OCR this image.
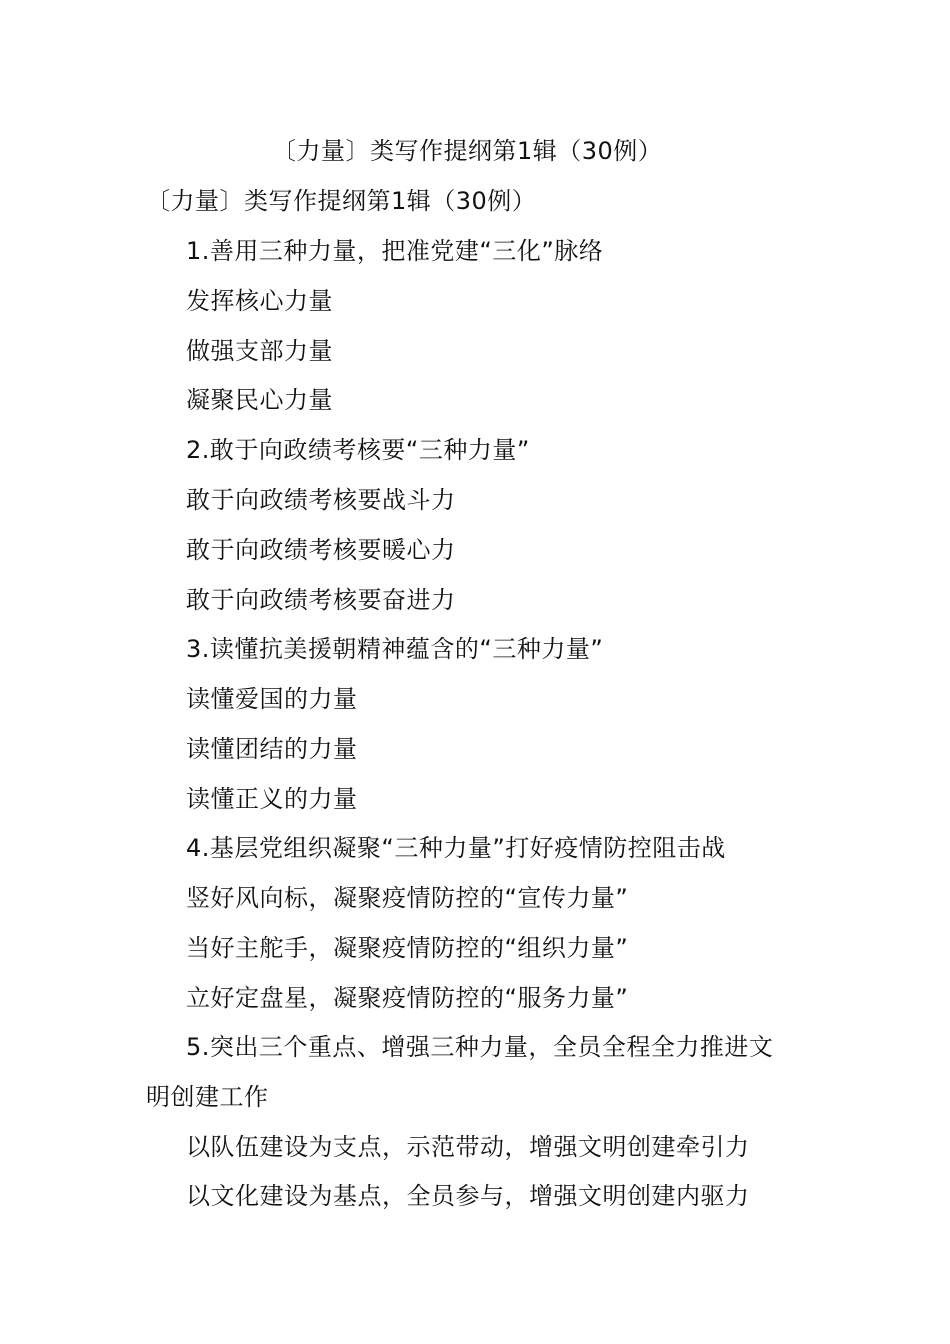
〔力量〕类写作提纲第1辑（30例）
〔力量〕类写作提纲第1辑（30例）
1.善用三种力量，把准党建“三化”脉络
发挥核心力量
做强支部力量
凝聚民心力量
2.敢于向政绩考核要“三种力量”
敢于向政绩考核要战斗力
敢于向政绩考核要暖心力
敢于向政绩考核要奋进力
3.读懂抗美援朝精神蕴含的“三种力量”
读懂爱国的力量
读懂团结的力量
读懂正义的力量
4.基层党组织凝聚“三种力量”打好疫情防控阻击战
竖好风向标，凝聚疫情防控的“宣传力量”
当好主舵手，凝聚疫情防控的“组织力量”
立好定盘星，凝聚疫情防控的“服务力量”
5.突出三个重点、增强三种力量，全员全程全力推进文
明创建工作
以队伍建设为支点，示范带动，增强文明创建牵引力
以文化建设为基点，全员参与，增强文明创建内驱力
